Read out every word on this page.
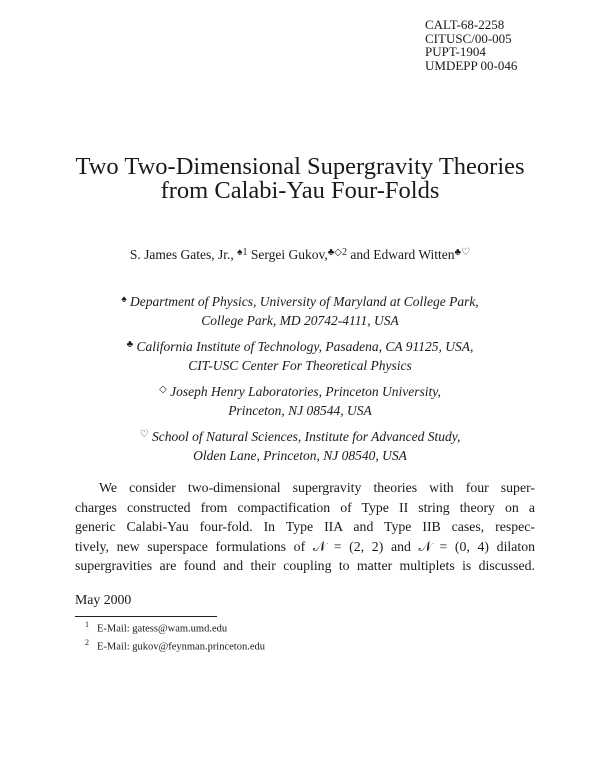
CALT-68-2258
CITUSC/00-005
PUPT-1904
UMDEPP 00-046
Two Two-Dimensional Supergravity Theories
from Calabi-Yau Four-Folds
S. James Gates, Jr., $^{♠1}$ Sergei Gukov,$^{♣◇2}$ and Edward Witten♣♡
♠ Department of Physics, University of Maryland at College Park,
College Park, MD 20742-4111, USA
♣ California Institute of Technology, Pasadena, CA 91125, USA,
CIT-USC Center For Theoretical Physics
◇ Joseph Henry Laboratories, Princeton University,
Princeton, NJ 08544, USA
♡ School of Natural Sciences, Institute for Advanced Study,
Olden Lane, Princeton, NJ 08540, USA
We consider two-dimensional supergravity theories with four super-
charges constructed from compactification of Type II string theory on a
generic Calabi-Yau four-fold. In Type IIA and Type IIB cases, respec-
tively, new superspace formulations of 𝒩 = (2, 2) and 𝒩 = (0, 4) dilaton
supergravities are found and their coupling to matter multiplets is discussed.
May 2000
$^1$ E-Mail: gatess@wam.umd.edu
$^2$ E-Mail: gukov@feynman.princeton.edu
